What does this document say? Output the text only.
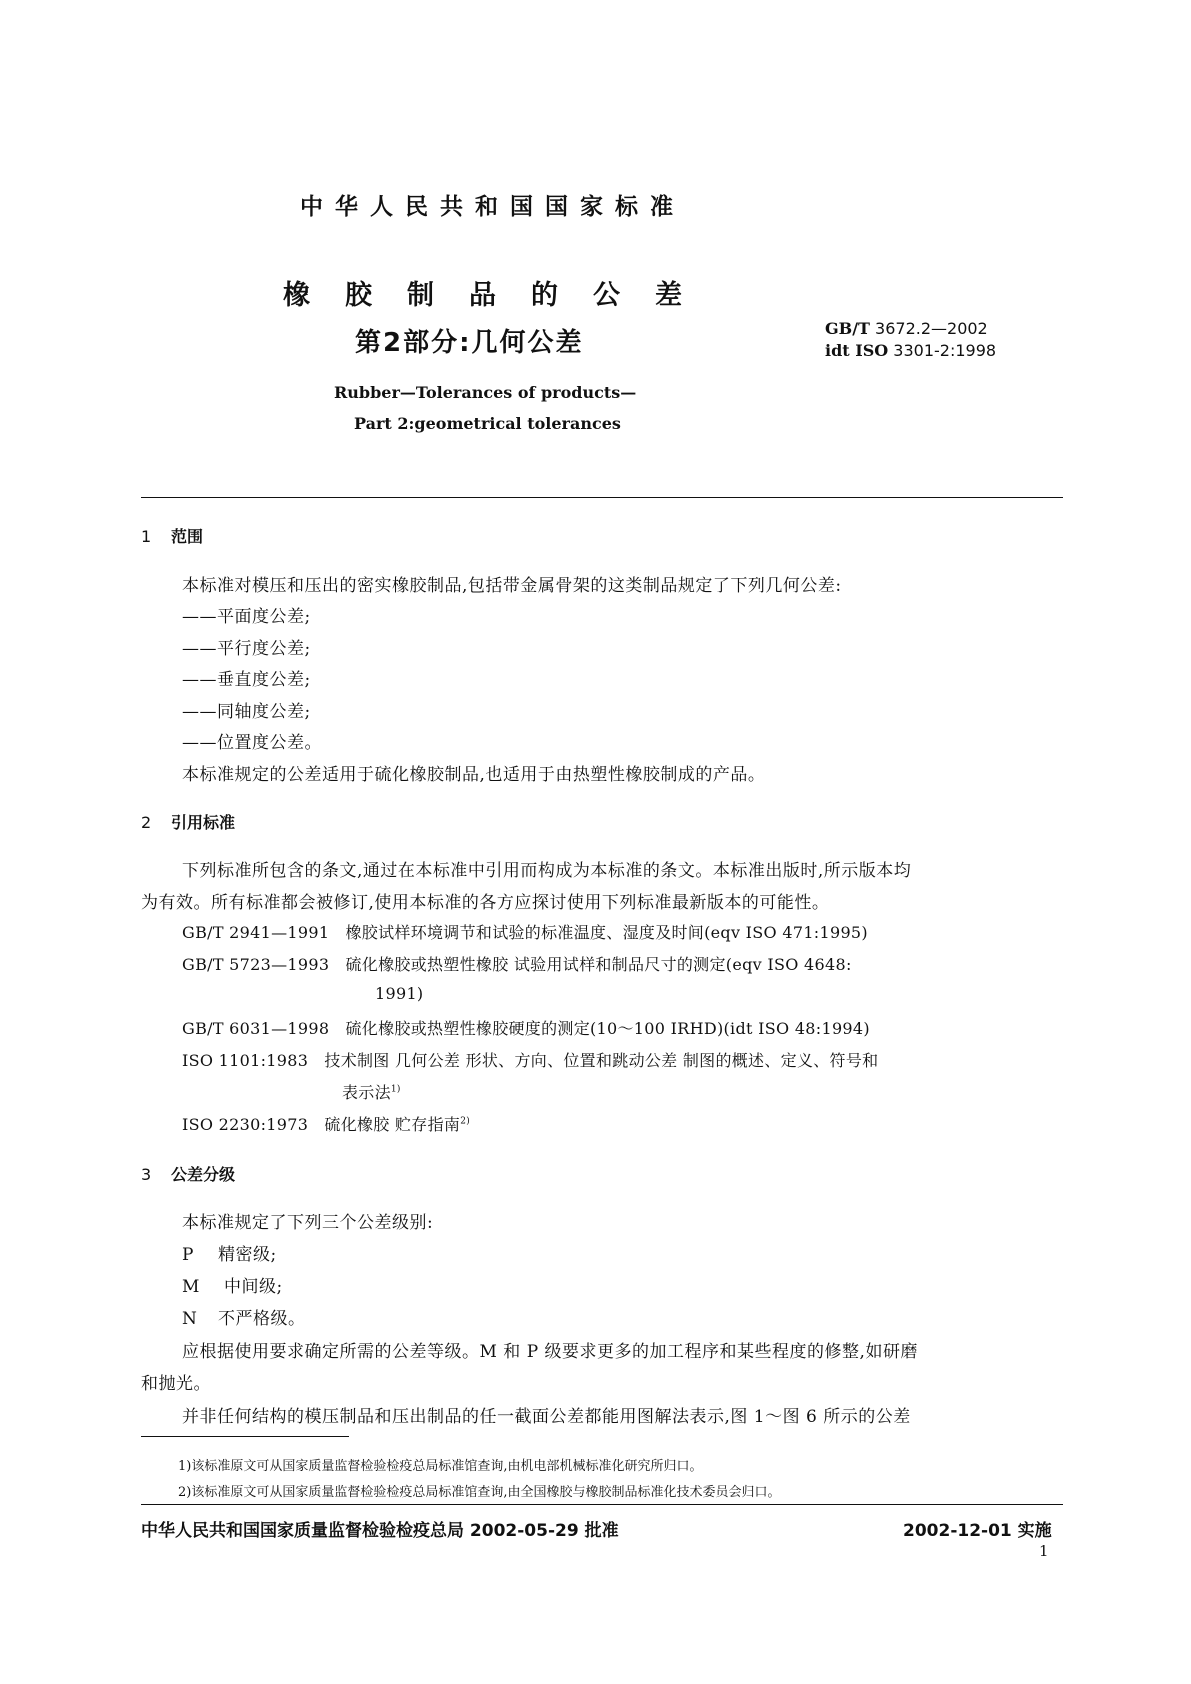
中华人民共和国国家标准
橡胶制品的公差
第2部分:几何公差	GB/T 3672.2—2002
idt ISO 3301-2:1998
Rubber—Tolerances of products—
Part 2:geometrical tolerances
1 范围
本标准对模压和压出的密实橡胶制品,包括带金属骨架的这类制品规定了下列几何公差:
——平面度公差;
——平行度公差;
——垂直度公差;
——同轴度公差;
——位置度公差。
本标准规定的公差适用于硫化橡胶制品,也适用于由热塑性橡胶制成的产品。
2 引用标准
下列标准所包含的条文,通过在本标准中引用而构成为本标准的条文。本标准出版时,所示版本均
为有效。所有标准都会被修订,使用本标准的各方应探讨使用下列标准最新版本的可能性。
GB/T 2941—1991 橡胶试样环境调节和试验的标准温度、湿度及时间(eqv ISO 471:1995)
GB/T 5723—1993 硫化橡胶或热塑性橡胶 试验用试样和制品尺寸的测定(eqv ISO 4648:
1991)
GB/T 6031—1998 硫化橡胶或热塑性橡胶硬度的测定(10～100 IRHD)(idt ISO 48:1994)
ISO 1101:1983 技术制图 几何公差 形状、方向、位置和跳动公差 制图的概述、定义、符号和
表示法$^{1)}$
ISO 2230:1973 硫化橡胶 贮存指南$^{2)}$
3 公差分级
本标准规定了下列三个公差级别:
P 精密级;
M 中间级;
N 不严格级。
应根据使用要求确定所需的公差等级。M 和 P 级要求更多的加工程序和某些程度的修整,如研磨
和抛光。
并非任何结构的模压制品和压出制品的任一截面公差都能用图解法表示,图 1～图 6 所示的公差
1)该标准原文可从国家质量监督检验检疫总局标准馆查询,由机电部机械标准化研究所归口。
2)该标准原文可从国家质量监督检验检疫总局标准馆查询,由全国橡胶与橡胶制品标准化技术委员会归口。
中华人民共和国国家质量监督检验检疫总局 2002-05-29 批准	2002-12-01 实施
1
